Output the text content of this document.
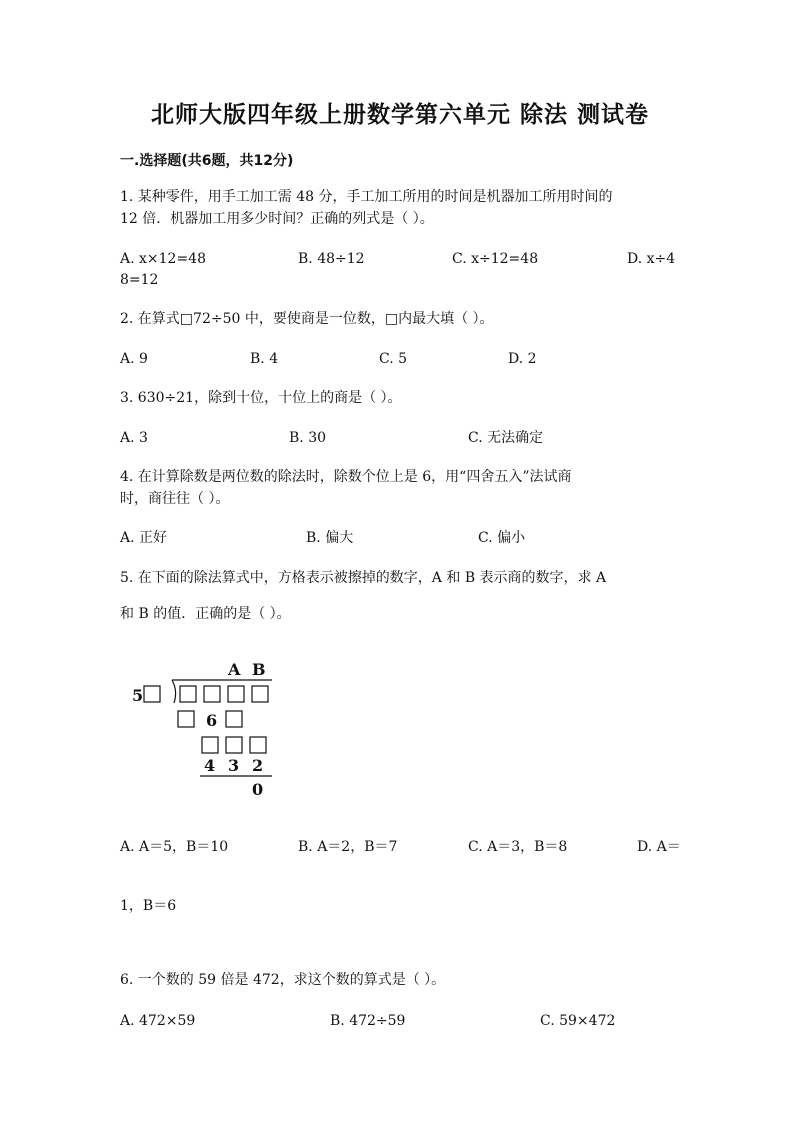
北师大版四年级上册数学第六单元 除法 测试卷
一.选择题(共6题，共12分)
1. 某种零件，用手工加工需 48 分，手工加工所用的时间是机器加工所用时间的
12 倍．机器加工用多少时间？正确的列式是（ ）。
A. x×12=48	B. 48÷12	C. x÷12=48	D. x÷4
8=12
2. 在算式□72÷50 中，要使商是一位数，□内最大填（ ）。
A. 9	B. 4	C. 5	D. 2
3. 630÷21，除到十位，十位上的商是（ ）。
A. 3	B. 30	C. 无法确定
4. 在计算除数是两位数的除法时，除数个位上是 6，用“四舍五入”法试商
时，商往往（ ）。
A. 正好	B. 偏大	C. 偏小
5. 在下面的除法算式中，方格表示被擦掉的数字，A 和 B 表示商的数字，求 A
和 B 的值．正确的是（ ）。
A B
5
6
4 3 2
0
A. A＝5，B＝10	B. A＝2，B＝7	C. A＝3，B＝8	D. A＝
1，B＝6
6. 一个数的 59 倍是 472，求这个数的算式是（ ）。
A. 472×59	B. 472÷59	C. 59×472
